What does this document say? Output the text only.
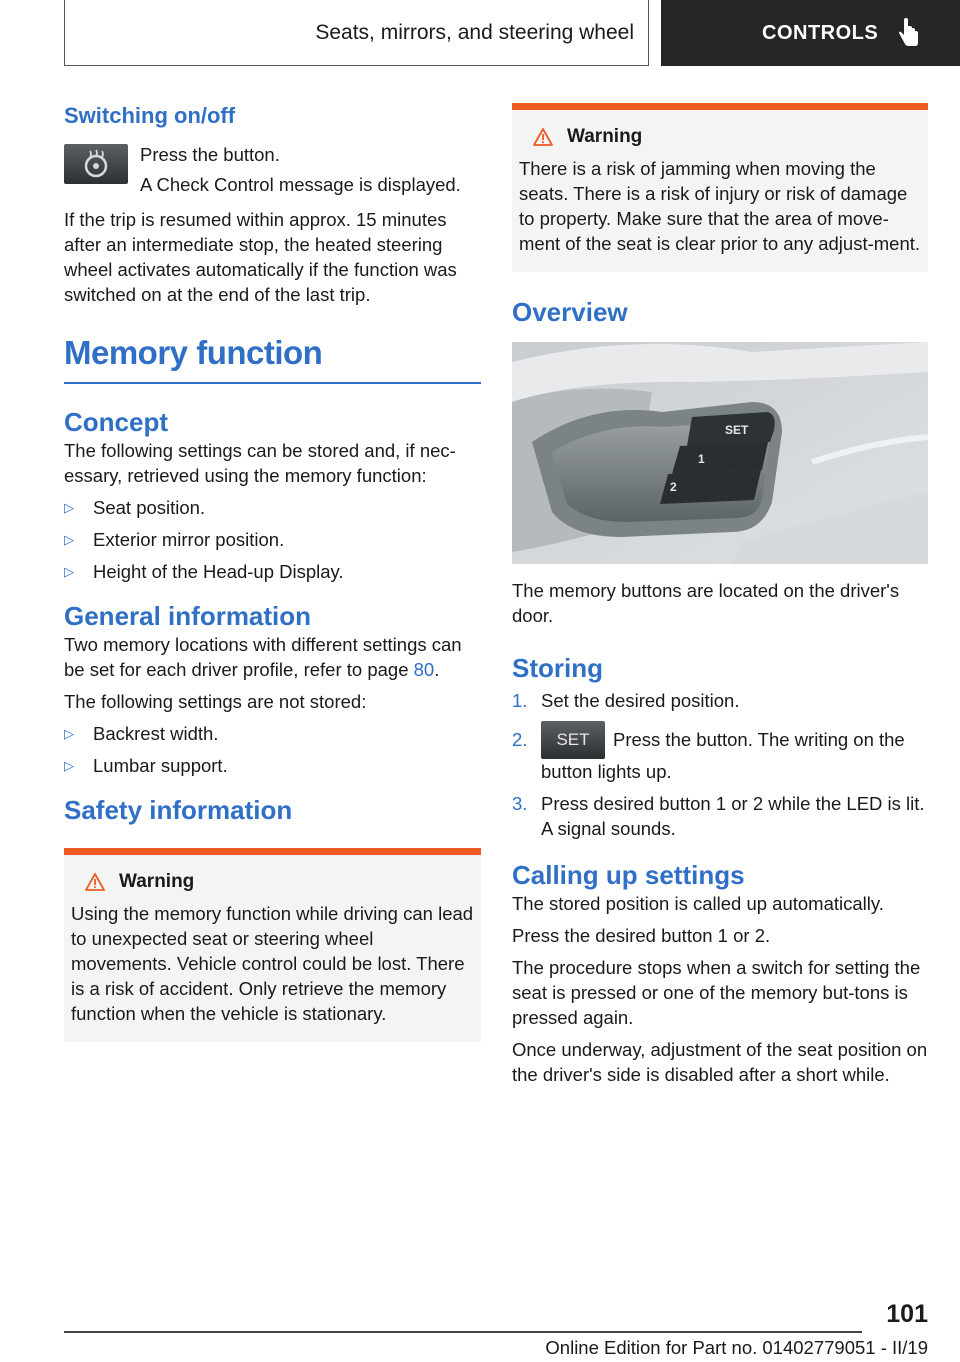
Seats, mirrors, and steering wheel	CONTROLS
Switching on/off

Press the button.

A Check Control message is displayed.

If the trip is resumed within approx. 15 minutes after an intermediate stop, the heated steering wheel activates automatically if the function was switched on at the end of the last trip.

Memory function
Concept

The following settings can be stored and, if nec-essary, retrieved using the memory function:

▷	Seat position.
▷	Exterior mirror position.
▷	Height of the Head-up Display.
General information

Two memory locations with different settings can be set for each driver profile, refer to page 80.

The following settings are not stored:

▷	Backrest width.
▷	Lumbar support.
Safety information
Warning

Using the memory function while driving can lead to unexpected seat or steering wheel movements. Vehicle control could be lost. There is a risk of accident. Only retrieve the memory function when the vehicle is stationary.

Warning

There is a risk of jamming when moving the seats. There is a risk of injury or risk of damage to property. Make sure that the area of move-ment of the seat is clear prior to any adjust-ment.

Overview
SET
1
2

The memory buttons are located on the driver's door.

Storing
1. Set the desired position.
2.	SET Press the button. The writing on the button lights up.
3. Press desired button 1 or 2 while the LED is lit. A signal sounds.
Calling up settings

The stored position is called up automatically.

Press the desired button 1 or 2.

The procedure stops when a switch for setting the seat is pressed or one of the memory but-tons is pressed again.

Once underway, adjustment of the seat position on the driver's side is disabled after a short while.

101
Online Edition for Part no. 01402779051 - II/19
